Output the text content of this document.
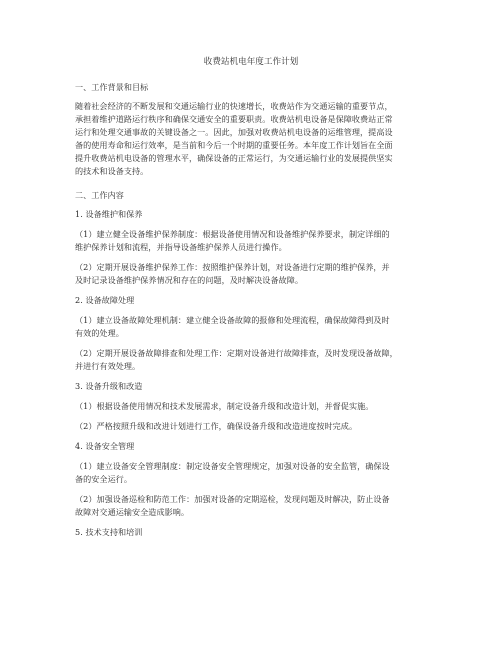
收费站机电年度工作计划
一、工作背景和目标
随着社会经济的不断发展和交通运输行业的快速增长，收费站作为交通运输的重要节点，
承担着维护道路运行秩序和确保交通安全的重要职责。收费站机电设备是保障收费站正常
运行和处理交通事故的关键设备之一。因此，加强对收费站机电设备的运维管理，提高设
备的使用寿命和运行效率，是当前和今后一个时期的重要任务。本年度工作计划旨在全面
提升收费站机电设备的管理水平，确保设备的正常运行，为交通运输行业的发展提供坚实
的技术和设备支持。
二、工作内容
1. 设备维护和保养
（1）建立健全设备维护保养制度：根据设备使用情况和设备维护保养要求，制定详细的
维护保养计划和流程，并指导设备维护保养人员进行操作。
（2）定期开展设备维护保养工作：按照维护保养计划，对设备进行定期的维护保养，并
及时记录设备维护保养情况和存在的问题，及时解决设备故障。
2. 设备故障处理
（1）建立设备故障处理机制：建立健全设备故障的报修和处理流程，确保故障得到及时
有效的处理。
（2）定期开展设备故障排查和处理工作：定期对设备进行故障排查，及时发现设备故障，
并进行有效处理。
3. 设备升级和改造
（1）根据设备使用情况和技术发展需求，制定设备升级和改造计划，并督促实施。
（2）严格按照升级和改进计划进行工作，确保设备升级和改造进度按时完成。
4. 设备安全管理
（1）建立设备安全管理制度：制定设备安全管理规定，加强对设备的安全监管，确保设
备的安全运行。
（2）加强设备巡检和防范工作：加强对设备的定期巡检，发现问题及时解决，防止设备
故障对交通运输安全造成影响。
5. 技术支持和培训
